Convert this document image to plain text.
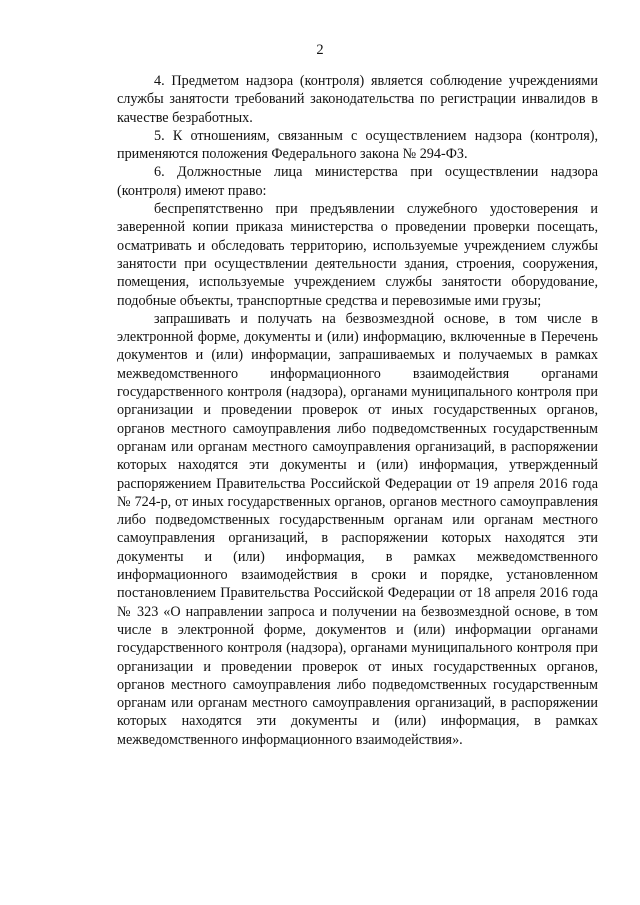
2

4. Предметом надзора (контроля) является соблюдение учреждениями службы занятости требований законодательства по регистрации инвалидов в качестве безработных.

5. К отношениям, связанным с осуществлением надзора (контроля), применяются положения Федерального закона № 294-ФЗ.

6. Должностные лица министерства при осуществлении надзора (контроля) имеют право:

беспрепятственно при предъявлении служебного удостоверения и заверенной копии приказа министерства о проведении проверки посещать, осматривать и обследовать территорию, используемые учреждением службы занятости при осуществлении деятельности здания, строения, сооружения, помещения, используемые учреждением службы занятости оборудование, подобные объекты, транспортные средства и перевозимые ими грузы;

запрашивать и получать на безвозмездной основе, в том числе в электронной форме, документы и (или) информацию, включенные в Перечень документов и (или) информации, запрашиваемых и получаемых в рамках межведомственного информационного взаимодействия органами государственного контроля (надзора), органами муниципального контроля при организации и проведении проверок от иных государственных органов, органов местного самоуправления либо подведомственных государственным органам или органам местного самоуправления организаций, в распоряжении которых находятся эти документы и (или) информация, утвержденный распоряжением Правительства Российской Федерации от 19 апреля 2016 года № 724-р, от иных государственных органов, органов местного самоуправления либо подведомственных государственным органам или органам местного самоуправления организаций, в распоряжении которых находятся эти документы и (или) информация, в рамках межведомственного информационного взаимодействия в сроки и порядке, установленном постановлением Правительства Российской Федерации от 18 апреля 2016 года № 323 «О направлении запроса и получении на безвозмездной основе, в том числе в электронной форме, документов и (или) информации органами государственного контроля (надзора), органами муниципального контроля при организации и проведении проверок от иных государственных органов, органов местного самоуправления либо подведомственных государственным органам или органам местного самоуправления организаций, в распоряжении которых находятся эти документы и (или) информация, в рамках межведомственного информационного взаимодействия».
